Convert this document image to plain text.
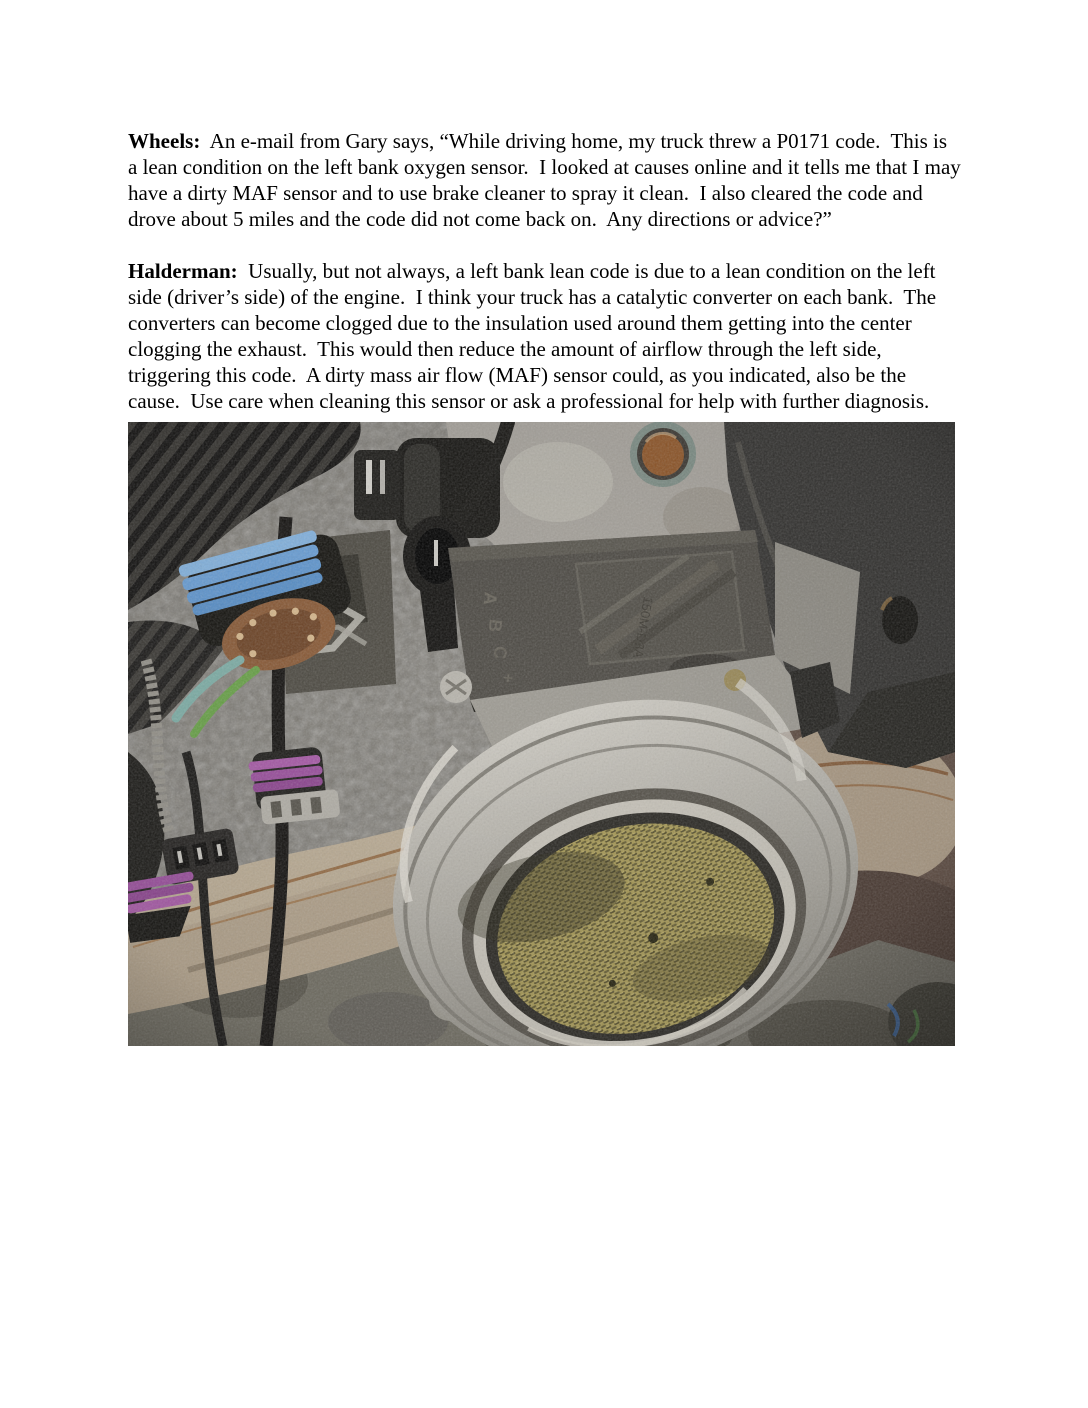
Wheels:  An e-mail from Gary says, “While driving home, my truck threw a P0171 code.  This is a lean condition on the left bank oxygen sensor.  I looked at causes online and it tells me that I may have a dirty MAF sensor and to use brake cleaner to spray it clean.  I also cleared the code and drove about 5 miles and the code did not come back on.  Any directions or advice?”

Halderman:  Usually, but not always, a left bank lean code is due to a lean condition on the left side (driver’s side) of the engine.  I think your truck has a catalytic converter on each bank.  The converters can become clogged due to the insulation used around them getting into the center clogging the exhaust.  This would then reduce the amount of airflow through the left side, triggering this code.  A dirty mass air flow (MAF) sensor could, as you indicated, also be the cause.  Use care when cleaning this sensor or ask a professional for help with further diagnosis.
